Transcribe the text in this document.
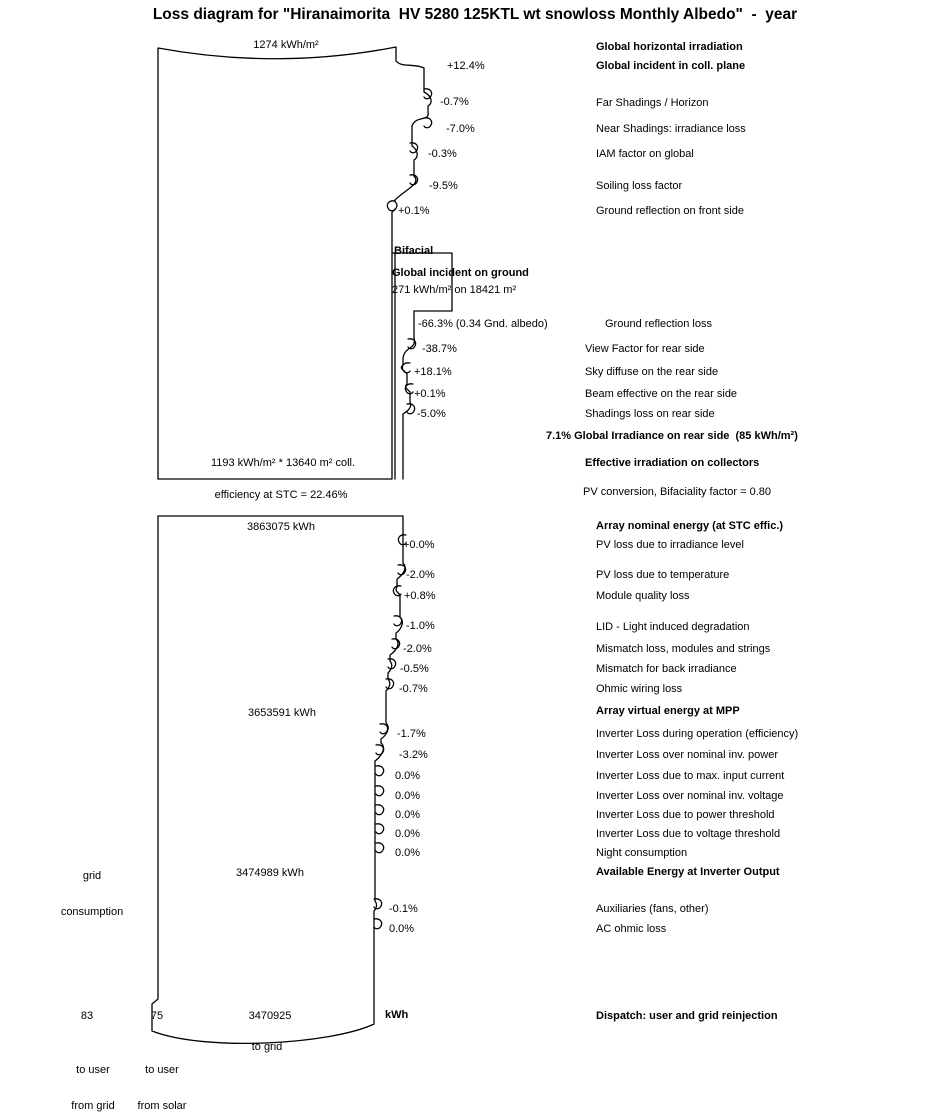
Loss diagram for "Hiranaimorita  HV 5280 125KTL wt snowloss Monthly Albedo"  -  year
1274 kWh/m²
1193 kWh/m² * 13640 m² coll.
efficiency at STC = 22.46%
3863075 kWh
3653591 kWh
3474989 kWh

grid

consumption

Bifacial
Global incident on ground
271 kWh/m² on 18421 m²
+12.4%
-0.7%
-7.0%
-0.3%
-9.5%
+0.1%
-66.3% (0.34 Gnd. albedo)
-38.7%
+18.1%
+0.1%
-5.0%
+0.0%
-2.0%
+0.8%
-1.0%
-2.0%
-0.5%
-0.7%
-1.7%
-3.2%
0.0%
0.0%
0.0%
0.0%
0.0%
-0.1%
0.0%
Global horizontal irradiation
Global incident in coll. plane
Far Shadings / Horizon
Near Shadings: irradiance loss
IAM factor on global
Soiling loss factor
Ground reflection on front side
Ground reflection loss
View Factor for rear side
Sky diffuse on the rear side
Beam effective on the rear side
Shadings loss on rear side
7.1% Global Irradiance on rear side  (85 kWh/m²)
Effective irradiation on collectors
PV conversion, Bifaciality factor = 0.80
Array nominal energy (at STC effic.)
PV loss due to irradiance level
PV loss due to temperature
Module quality loss
LID - Light induced degradation
Mismatch loss, modules and strings
Mismatch for back irradiance
Ohmic wiring loss
Array virtual energy at MPP
Inverter Loss during operation (efficiency)
Inverter Loss over nominal inv. power
Inverter Loss due to max. input current
Inverter Loss over nominal inv. voltage
Inverter Loss due to power threshold
Inverter Loss due to voltage threshold
Night consumption
Available Energy at Inverter Output
Auxiliaries (fans, other)
AC ohmic loss
Dispatch: user and grid reinjection
83	75	3470925	kWh

to user

from grid

to user

from solar

to grid
